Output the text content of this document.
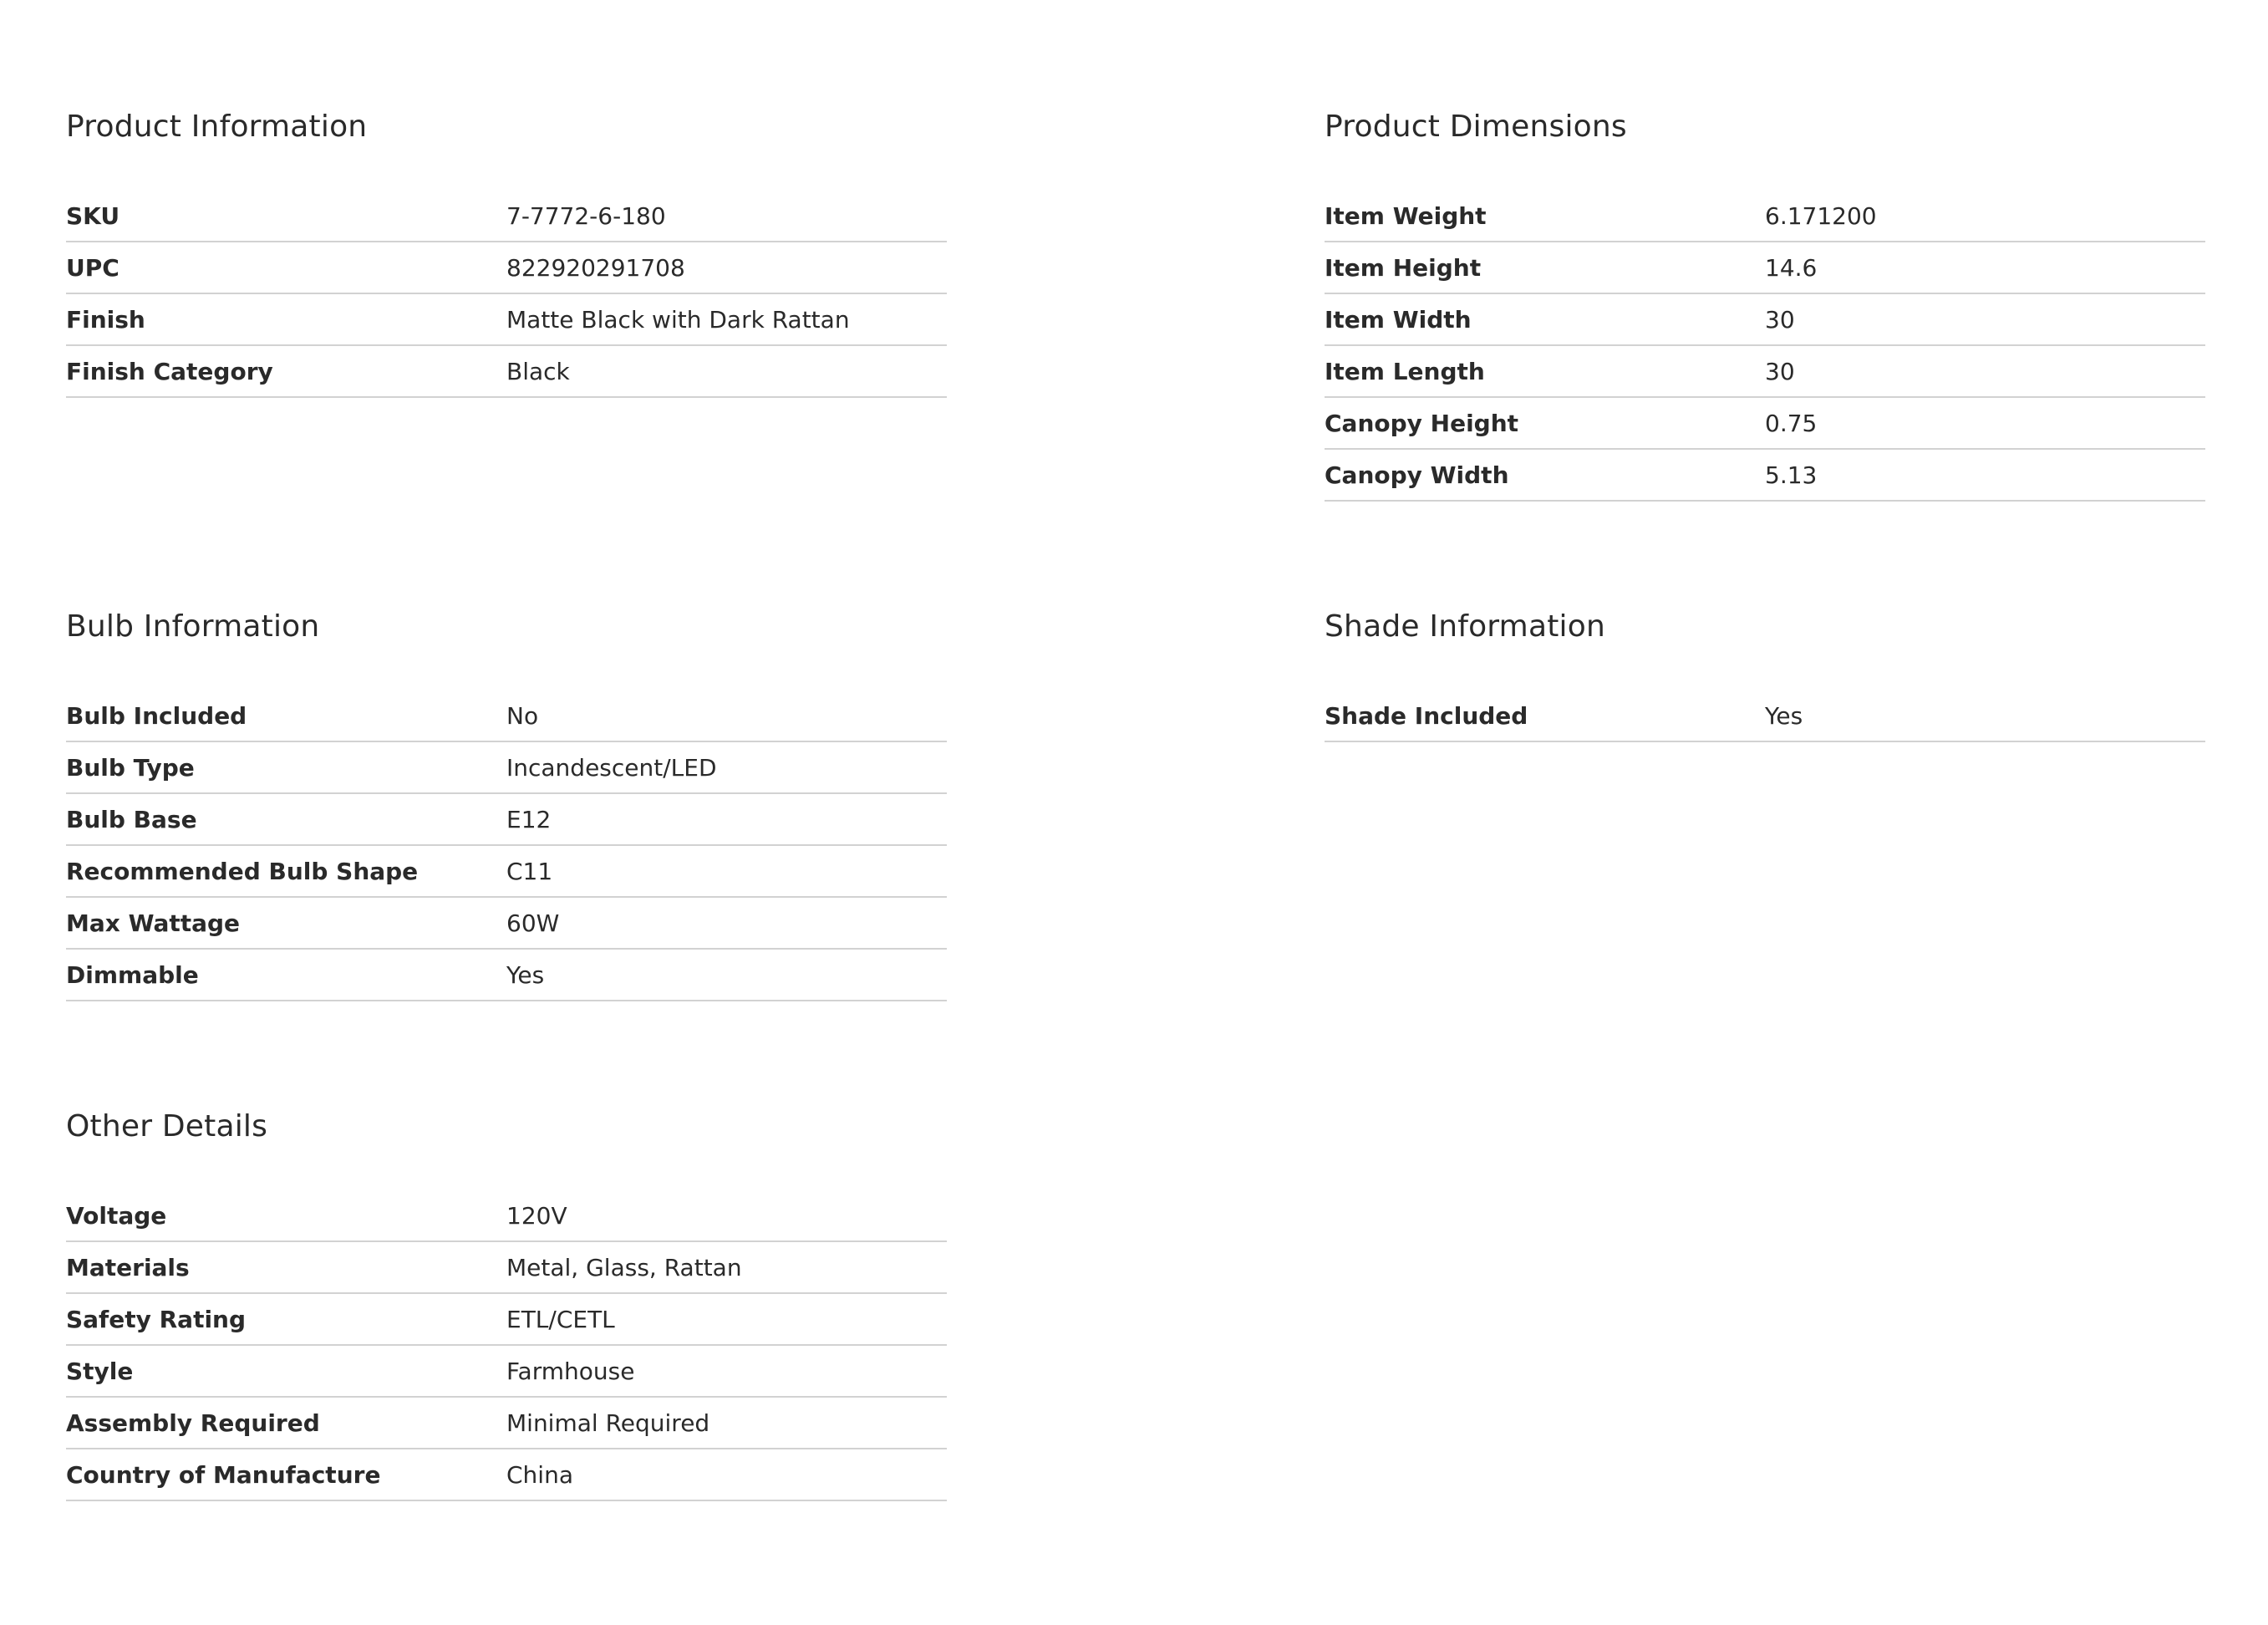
Product Information
SKU	7-7772-6-180
UPC	822920291708
Finish	Matte Black with Dark Rattan
Finish Category	Black
Product Dimensions
Item Weight	6.171200
Item Height	14.6
Item Width	30
Item Length	30
Canopy Height	0.75
Canopy Width	5.13
Bulb Information
Bulb Included	No
Bulb Type	Incandescent/LED
Bulb Base	E12
Recommended Bulb Shape	C11
Max Wattage	60W
Dimmable	Yes
Shade Information
Shade Included	Yes
Other Details
Voltage	120V
Materials	Metal, Glass, Rattan
Safety Rating	ETL/CETL
Style	Farmhouse
Assembly Required	Minimal Required
Country of Manufacture	China
